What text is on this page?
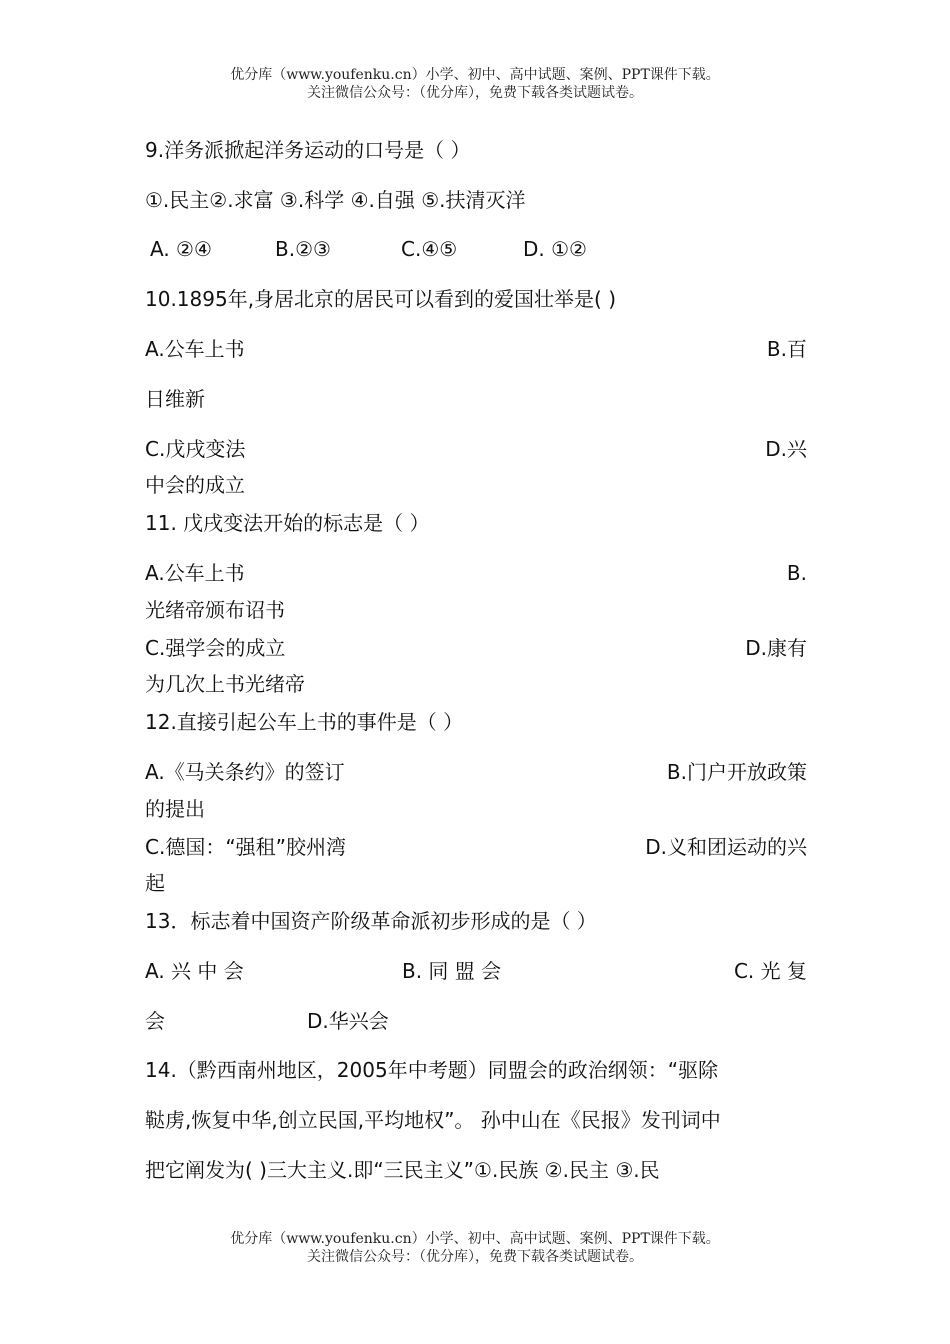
优分库（www.youfenku.cn）小学、初中、高中试题、案例、PPT课件下载。
关注微信公众号：（优分库），免费下载各类试题试卷。
9.洋务派掀起洋务运动的口号是（ ）
①.民主②.求富 ③.科学 ④.自强 ⑤.扶清灭洋
A. ②④	B.②③	C.④⑤	D. ①②
10.1895年,身居北京的居民可以看到的爱国壮举是( )
A.公车上书	B.百
日维新
C.戊戌变法	D.兴
中会的成立
11. 戊戌变法开始的标志是（ ）
A.公车上书	B.
光绪帝颁布诏书
C.强学会的成立	D.康有
为几次上书光绪帝
12.直接引起公车上书的事件是（ ）
A.《马关条约》的签订	B.门户开放政策
的提出
C.德国：“强租”胶州湾	D.义和团运动的兴
起
13．标志着中国资产阶级革命派初步形成的是（ ）
A. 兴 中 会	B. 同 盟 会	C. 光 复
会	D.华兴会
14.（黔西南州地区，2005年中考题）同盟会的政治纲领：“驱除
鞑虏,恢复中华,创立民国,平均地权”。 孙中山在《民报》发刊词中
把它阐发为( )三大主义.即“三民主义”①.民族 ②.民主 ③.民
优分库（www.youfenku.cn）小学、初中、高中试题、案例、PPT课件下载。
关注微信公众号：（优分库），免费下载各类试题试卷。
